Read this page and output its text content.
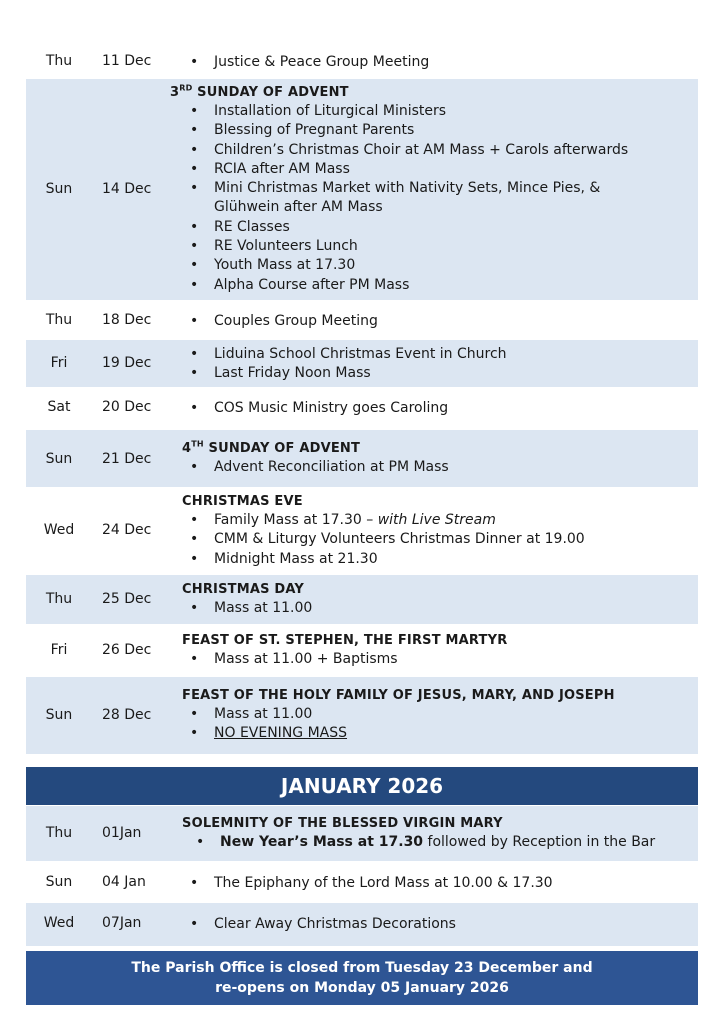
Thu	11 Dec	• Justice & Peace Group Meeting
Sun	14 Dec
3RD SUNDAY OF ADVENT
• Installation of Liturgical Ministers
• Blessing of Pregnant Parents
• Children’s Christmas Choir at AM Mass + Carols afterwards
• RCIA after AM Mass
• Mini Christmas Market with Nativity Sets, Mince Pies, & Glühwein after AM Mass
• RE Classes
• RE Volunteers Lunch
• Youth Mass at 17.30
• Alpha Course after PM Mass
Thu	18 Dec	• Couples Group Meeting
Fri	19 Dec
• Liduina School Christmas Event in Church
• Last Friday Noon Mass
Sat	20 Dec	• COS Music Ministry goes Caroling
Sun	21 Dec
4TH SUNDAY OF ADVENT
• Advent Reconciliation at PM Mass
Wed	24 Dec
CHRISTMAS EVE
• Family Mass at 17.30 – with Live Stream
• CMM & Liturgy Volunteers Christmas Dinner at 19.00
• Midnight Mass at 21.30
Thu	25 Dec
CHRISTMAS DAY
• Mass at 11.00
Fri	26 Dec
FEAST OF ST. STEPHEN, THE FIRST MARTYR
• Mass at 11.00 + Baptisms
Sun	28 Dec
FEAST OF THE HOLY FAMILY OF JESUS, MARY, AND JOSEPH
• Mass at 11.00
• NO EVENING MASS
JANUARY 2026
Thu	01Jan
SOLEMNITY OF THE BLESSED VIRGIN MARY
• New Year’s Mass at 17.30 followed by Reception in the Bar
Sun	04 Jan	• The Epiphany of the Lord Mass at 10.00 & 17.30
Wed	07Jan	• Clear Away Christmas Decorations
The Parish Office is closed from Tuesday 23 December and
re-opens on Monday 05 January 2026
